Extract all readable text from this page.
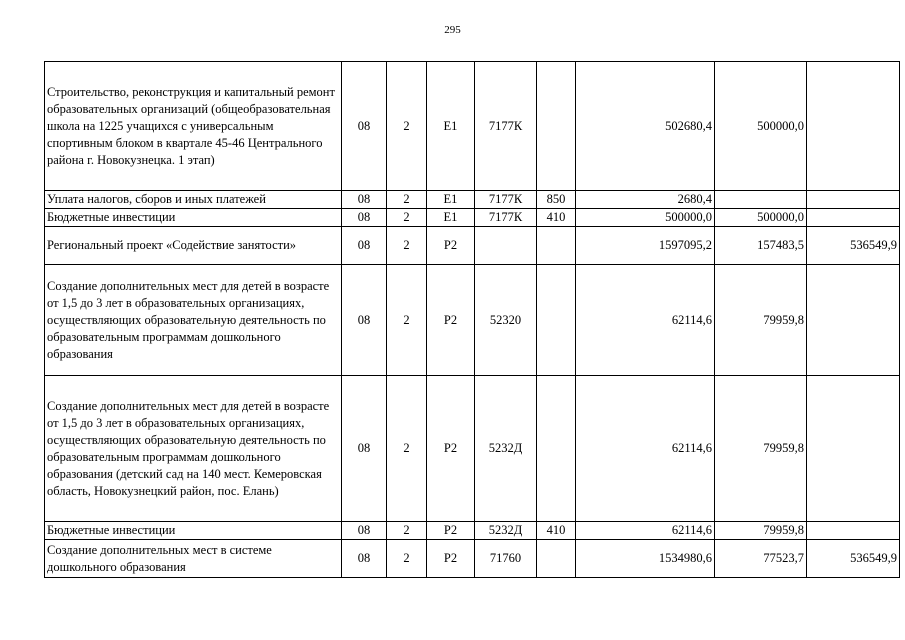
295
Строительство, реконструкция и капитальный ремонт образовательных организаций (общеобразовательная школа на 1225 учащихся с универсальным спортивным блоком в квартале 45-46 Центрального района г. Новокузнецка. 1 этап)	08	2	E1	7177К		502680,4	500000,0	
Уплата налогов, сборов и иных платежей	08	2	E1	7177К	850	2680,4		
Бюджетные инвестиции	08	2	E1	7177К	410	500000,0	500000,0	
Региональный проект «Содействие занятости»	08	2	P2			1597095,2	157483,5	536549,9
Создание дополнительных мест для детей в возрасте от 1,5 до 3 лет в образовательных организациях, осуществляющих образовательную деятельность по образовательным программам дошкольного образования	08	2	P2	52320		62114,6	79959,8	
Создание дополнительных мест для детей в возрасте от 1,5 до 3 лет в образовательных организациях, осуществляющих образовательную деятельность по образовательным программам дошкольного образования (детский сад на 140 мест. Кемеровская область, Новокузнецкий район, пос. Елань)	08	2	P2	5232Д		62114,6	79959,8	
Бюджетные инвестиции	08	2	P2	5232Д	410	62114,6	79959,8	
Создание дополнительных мест в системе дошкольного образования	08	2	P2	71760		1534980,6	77523,7	536549,9
